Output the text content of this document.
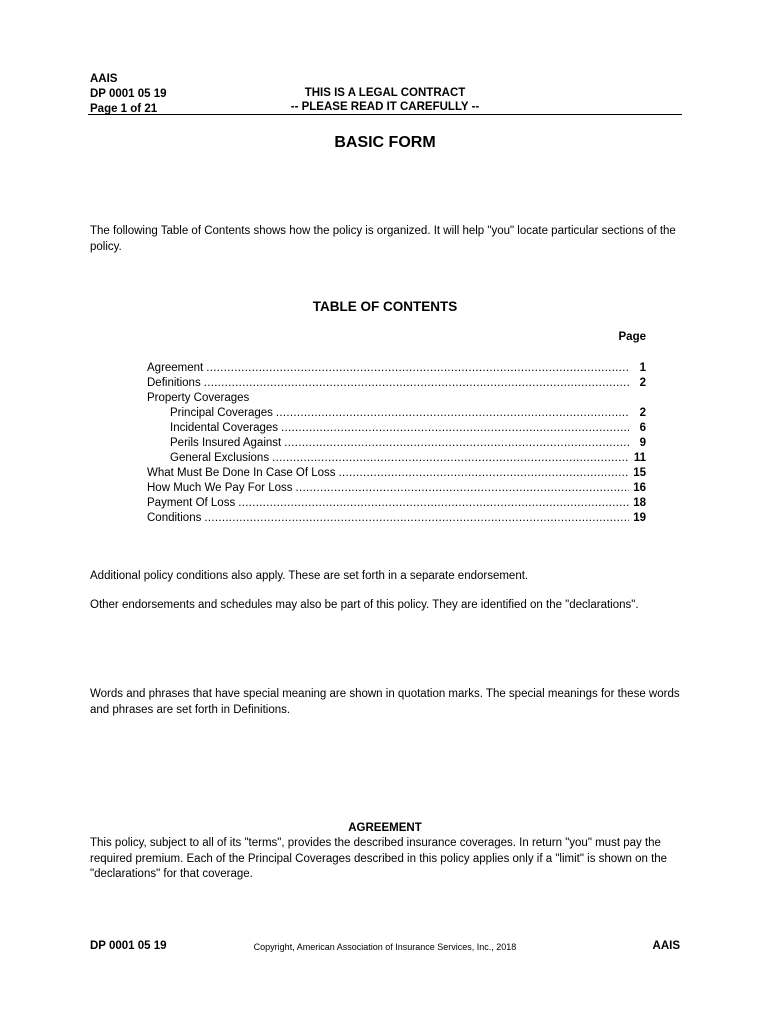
AAIS
DP 0001 05 19
Page 1 of 21
THIS IS A LEGAL CONTRACT
-- PLEASE READ IT CAREFULLY --
BASIC FORM
The following Table of Contents shows how the policy is organized. It will help "you" locate particular sections of the policy.
TABLE OF CONTENTS
Page
Agreement .....	1
Definitions .....	2
Property Coverages
Principal Coverages .....	2
Incidental Coverages .....	6
Perils Insured Against .....	9
General Exclusions .....	11
What Must Be Done In Case Of Loss .....	15
How Much We Pay For Loss .....	16
Payment Of Loss .....	18
Conditions .....	19
Additional policy conditions also apply. These are set forth in a separate endorsement.
Other endorsements and schedules may also be part of this policy. They are identified on the "declarations".
Words and phrases that have special meaning are shown in quotation marks. The special meanings for these words and phrases are set forth in Definitions.
AGREEMENT
This policy, subject to all of its "terms", provides the described insurance coverages. In return "you" must pay the required premium. Each of the Principal Coverages described in this policy applies only if a "limit" is shown on the "declarations" for that coverage.
DP 0001 05 19	Copyright, American Association of Insurance Services, Inc., 2018	AAIS
